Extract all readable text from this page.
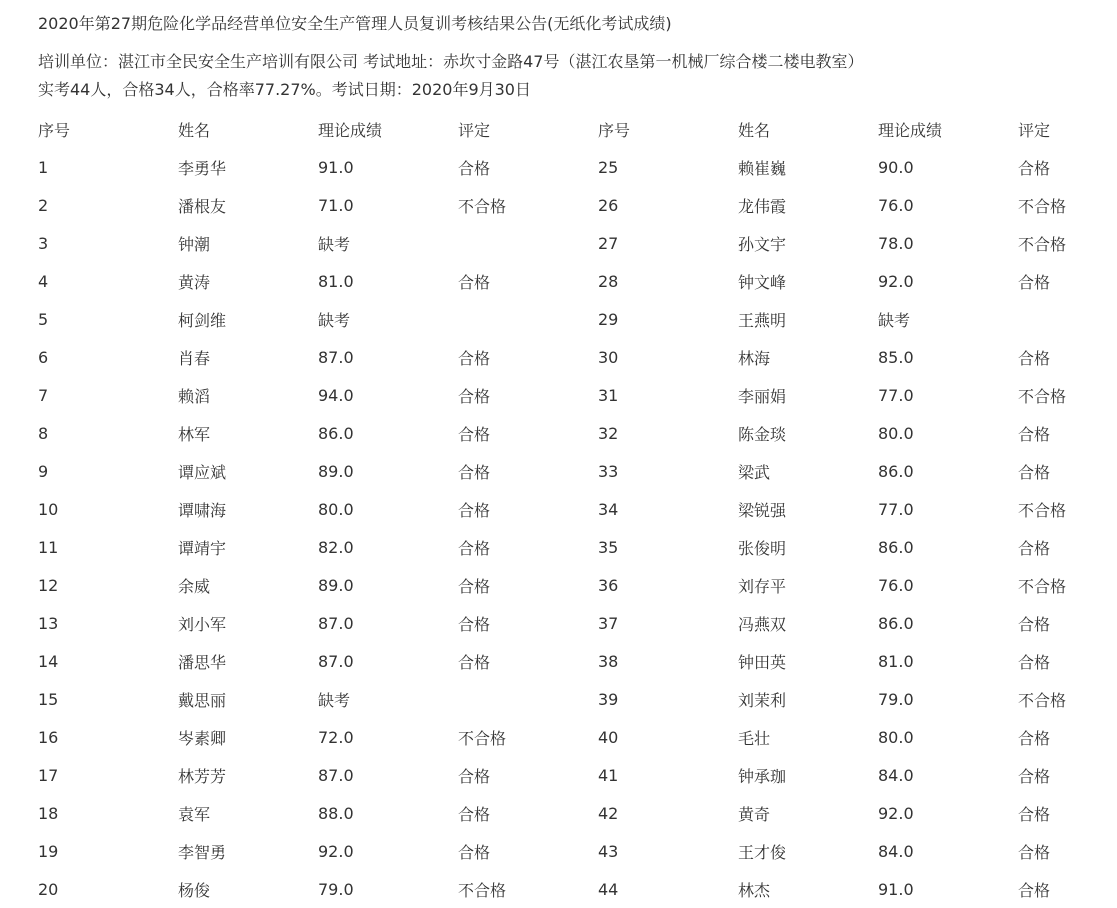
2020年第27期危险化学品经营单位安全生产管理人员复训考核结果公告(无纸化考试成绩)
培训单位：湛江市全民安全生产培训有限公司 考试地址：赤坎寸金路47号（湛江农垦第一机械厂综合楼二楼电教室）
实考44人，合格34人，合格率77.27%。考试日期：2020年9月30日
序号	姓名	理论成绩	评定	序号	姓名	理论成绩	评定
1	李勇华	91.0	合格	25	赖崔巍	90.0	合格
2	潘根友	71.0	不合格	26	龙伟霞	76.0	不合格
3	钟潮	缺考		27	孙文宇	78.0	不合格
4	黄涛	81.0	合格	28	钟文峰	92.0	合格
5	柯剑维	缺考		29	王燕明	缺考	
6	肖春	87.0	合格	30	林海	85.0	合格
7	赖滔	94.0	合格	31	李丽娟	77.0	不合格
8	林军	86.0	合格	32	陈金琰	80.0	合格
9	谭应斌	89.0	合格	33	梁武	86.0	合格
10	谭啸海	80.0	合格	34	梁锐强	77.0	不合格
11	谭靖宇	82.0	合格	35	张俊明	86.0	合格
12	余威	89.0	合格	36	刘存平	76.0	不合格
13	刘小军	87.0	合格	37	冯燕双	86.0	合格
14	潘思华	87.0	合格	38	钟田英	81.0	合格
15	戴思丽	缺考		39	刘茉利	79.0	不合格
16	岑素卿	72.0	不合格	40	毛壮	80.0	合格
17	林芳芳	87.0	合格	41	钟承珈	84.0	合格
18	袁军	88.0	合格	42	黄奇	92.0	合格
19	李智勇	92.0	合格	43	王才俊	84.0	合格
20	杨俊	79.0	不合格	44	林杰	91.0	合格
